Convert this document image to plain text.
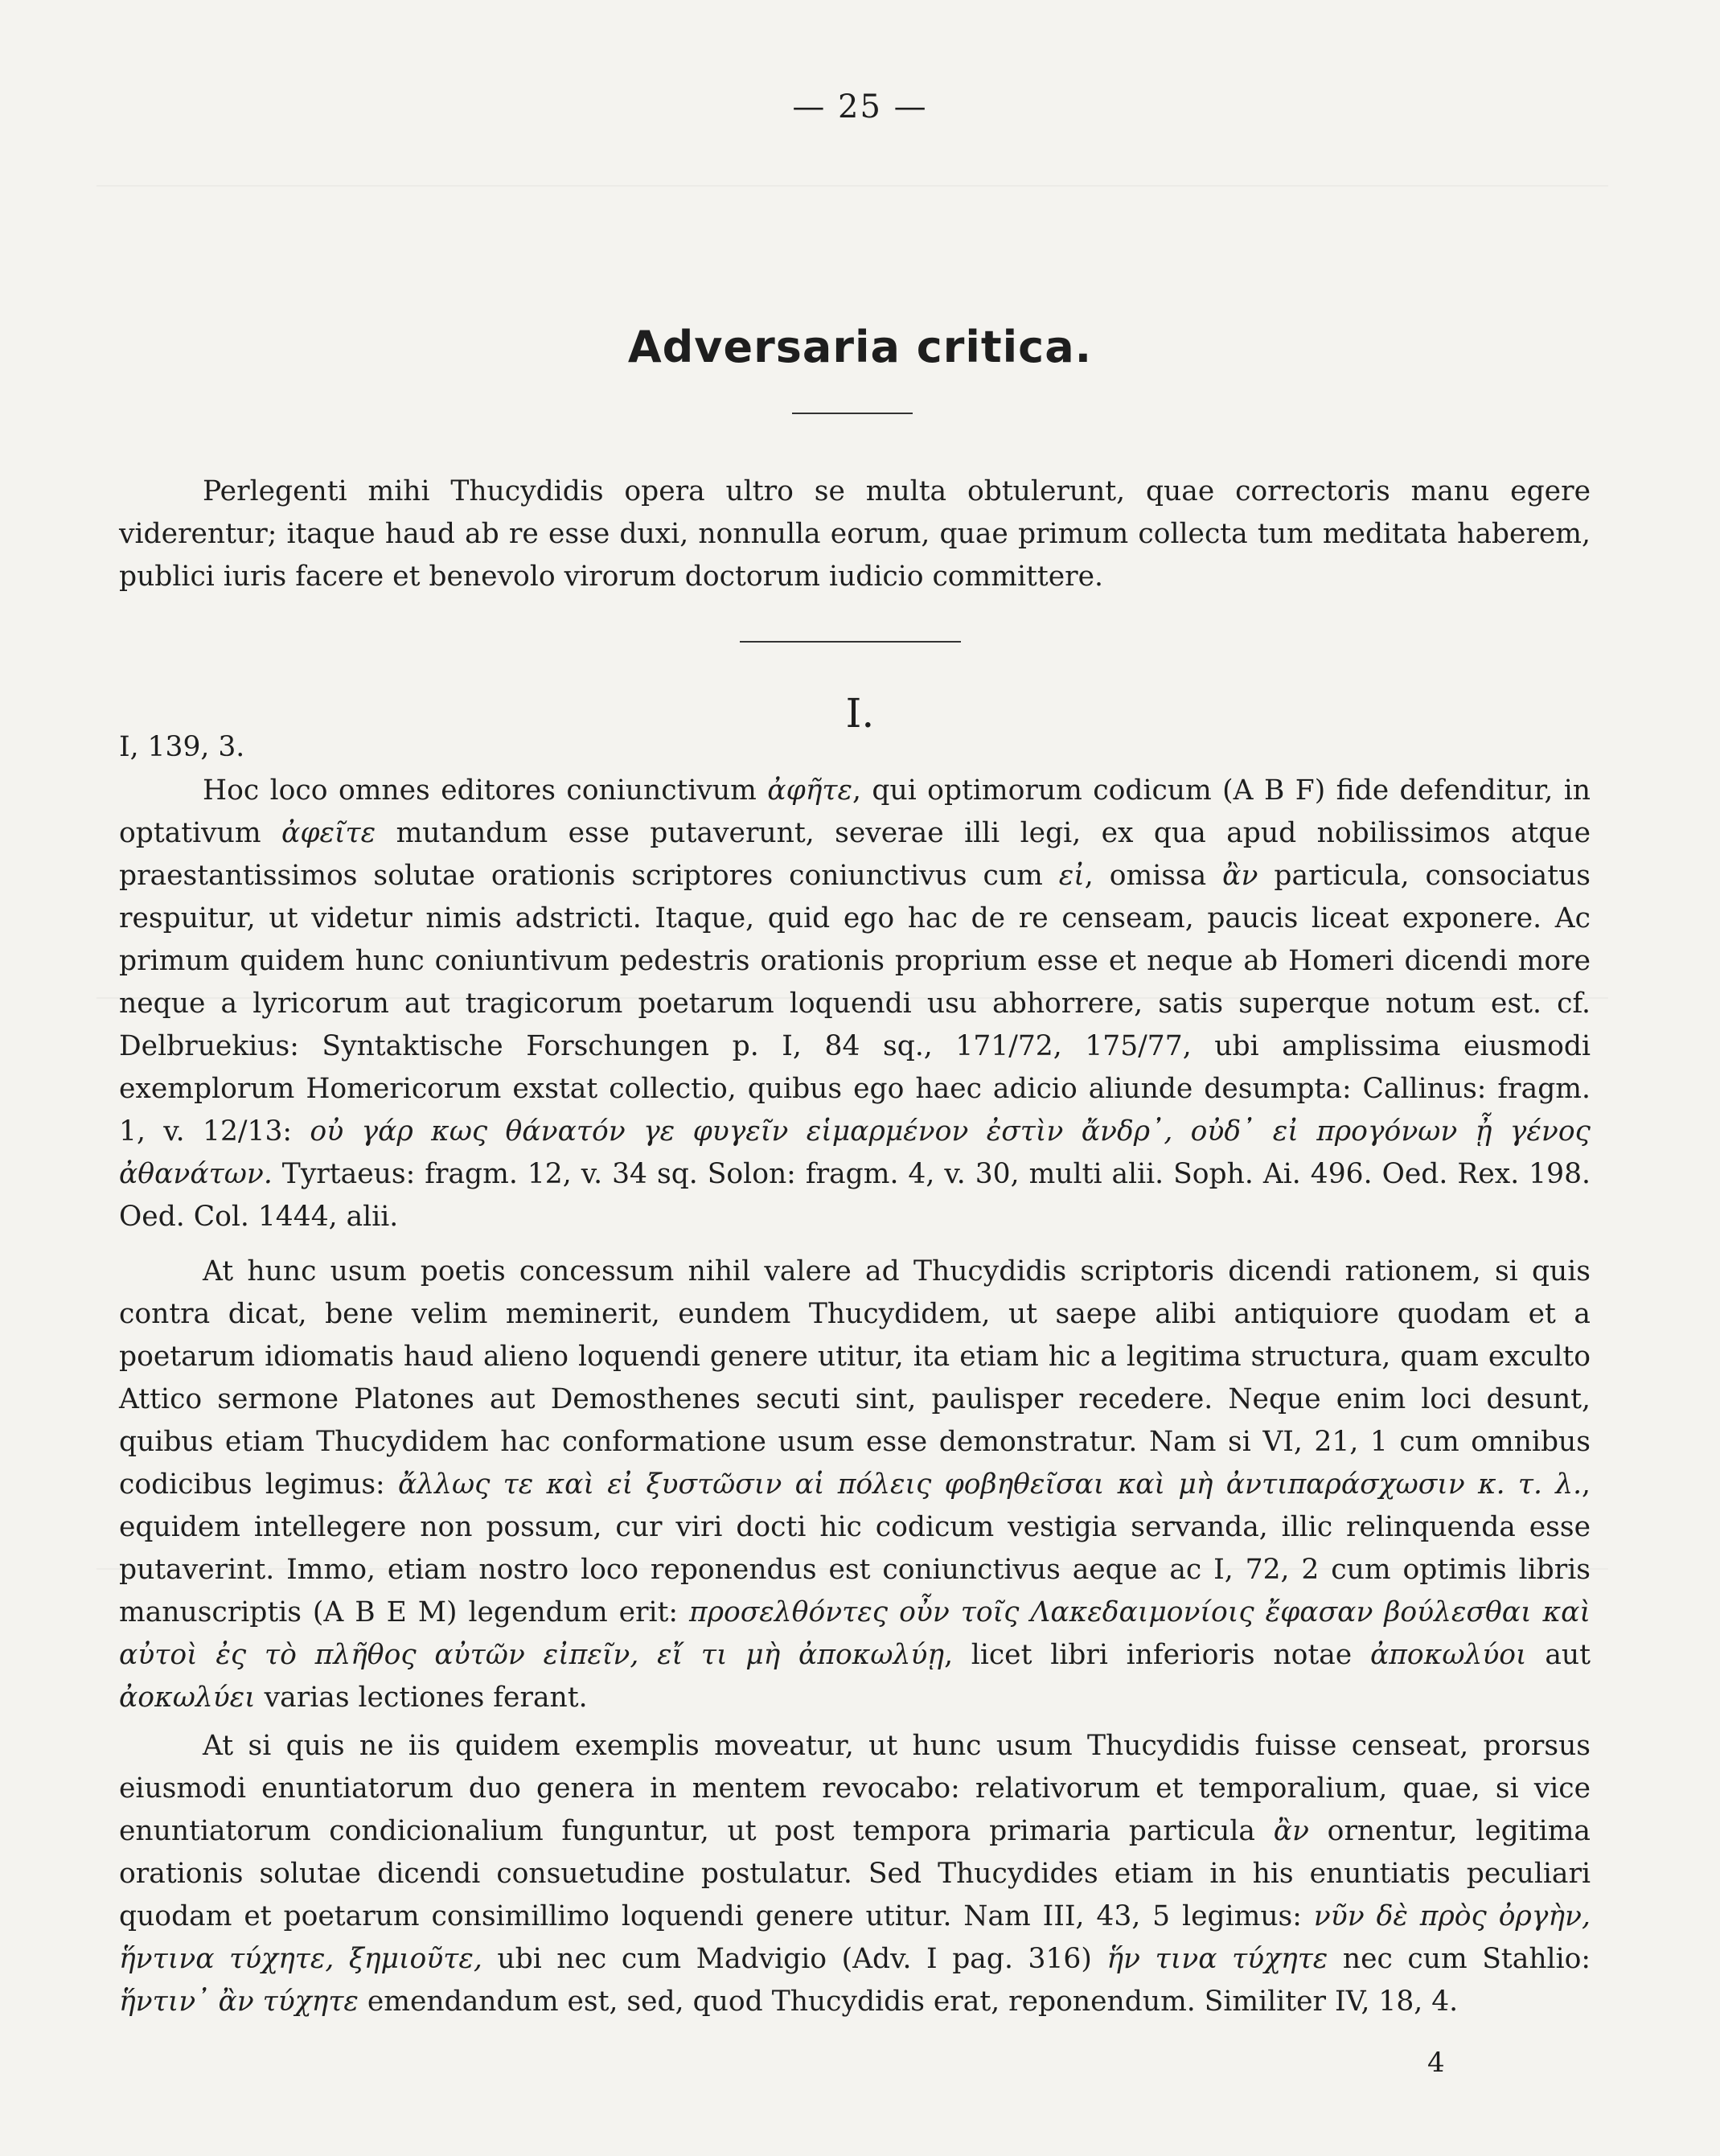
— 25 —
Adversaria critica.

Perlegenti mihi Thucydidis opera ultro se multa obtulerunt, quae correctoris manu egere viderentur; itaque haud ab re esse duxi, nonnulla eorum, quae primum collecta tum meditata haberem, publici iuris facere et benevolo virorum doctorum iudicio committere.

I.

I, 139, 3.

Hoc loco omnes editores coniunctivum ἀφῆτε, qui optimorum codicum (A B F) fide defenditur, in optativum ἀφεῖτε mutandum esse putaverunt, severae illi legi, ex qua apud nobilissimos atque praestantissimos solutae orationis scriptores coniunctivus cum εἰ, omissa ἂν particula, consociatus respuitur, ut videtur nimis adstricti. Itaque, quid ego hac de re censeam, paucis liceat exponere. Ac primum quidem hunc coniuntivum pedestris orationis proprium esse et neque ab Homeri dicendi more neque a lyricorum aut tragicorum poetarum loquendi usu abhorrere, satis superque notum est. cf. Delbruekius: Syntaktische Forschungen p. I, 84 sq., 171/72, 175/77, ubi amplissima eiusmodi exemplorum Homericorum exstat collectio, quibus ego haec adicio aliunde desumpta: Callinus: fragm. 1, v. 12/13: οὐ γάρ κως θάνατόν γε φυγεῖν εἱμαρμένον ἐστὶν ἄνδρ᾽, οὐδ᾽ εἰ προγόνων ᾖ γένος ἀθανάτων. Tyrtaeus: fragm. 12, v. 34 sq. Solon: fragm. 4, v. 30, multi alii. Soph. Ai. 496. Oed. Rex. 198. Oed. Col. 1444, alii.

At hunc usum poetis concessum nihil valere ad Thucydidis scriptoris dicendi rationem, si quis contra dicat, bene velim meminerit, eundem Thucydidem, ut saepe alibi antiquiore quodam et a poetarum idiomatis haud alieno loquendi genere utitur, ita etiam hic a legitima structura, quam exculto Attico sermone Platones aut Demosthenes secuti sint, paulisper recedere. Neque enim loci desunt, quibus etiam Thucydidem hac conformatione usum esse demonstratur. Nam si VI, 21, 1 cum omnibus codicibus legimus: ἄλλως τε καὶ εἰ ξυστῶσιν αἱ πόλεις φοβηθεῖσαι καὶ μὴ ἀντιπαράσχωσιν κ. τ. λ., equidem intellegere non possum, cur viri docti hic codicum vestigia servanda, illic relinquenda esse putaverint. Immo, etiam nostro loco reponendus est coniunctivus aeque ac I, 72, 2 cum optimis libris manuscriptis (A B E M) legendum erit: προσελθόντες οὖν τοῖς Λακεδαιμονίοις ἔφασαν βούλεσθαι καὶ αὐτοὶ ἐς τὸ πλῆθος αὐτῶν εἰπεῖν, εἴ τι μὴ ἀποκωλύῃ, licet libri inferioris notae ἀποκωλύοι aut ἀοκωλύει varias lectiones ferant.

At si quis ne iis quidem exemplis moveatur, ut hunc usum Thucydidis fuisse censeat, prorsus eiusmodi enuntiatorum duo genera in mentem revocabo: relativorum et temporalium, quae, si vice enuntiatorum condicionalium funguntur, ut post tempora primaria particula ἂν ornentur, legitima orationis solutae dicendi consuetudine postulatur. Sed Thucydides etiam in his enuntiatis peculiari quodam et poetarum consimillimo loquendi genere utitur. Nam III, 43, 5 legimus: νῦν δὲ πρὸς ὀργὴν, ἥντινα τύχητε, ξημιοῦτε, ubi nec cum Madvigio (Adv. I pag. 316) ἥν τινα τύχητε nec cum Stahlio: ἥντιν᾽ ἂν τύχητε emendandum est, sed, quod Thucydidis erat, reponendum. Similiter IV, 18, 4.

4
